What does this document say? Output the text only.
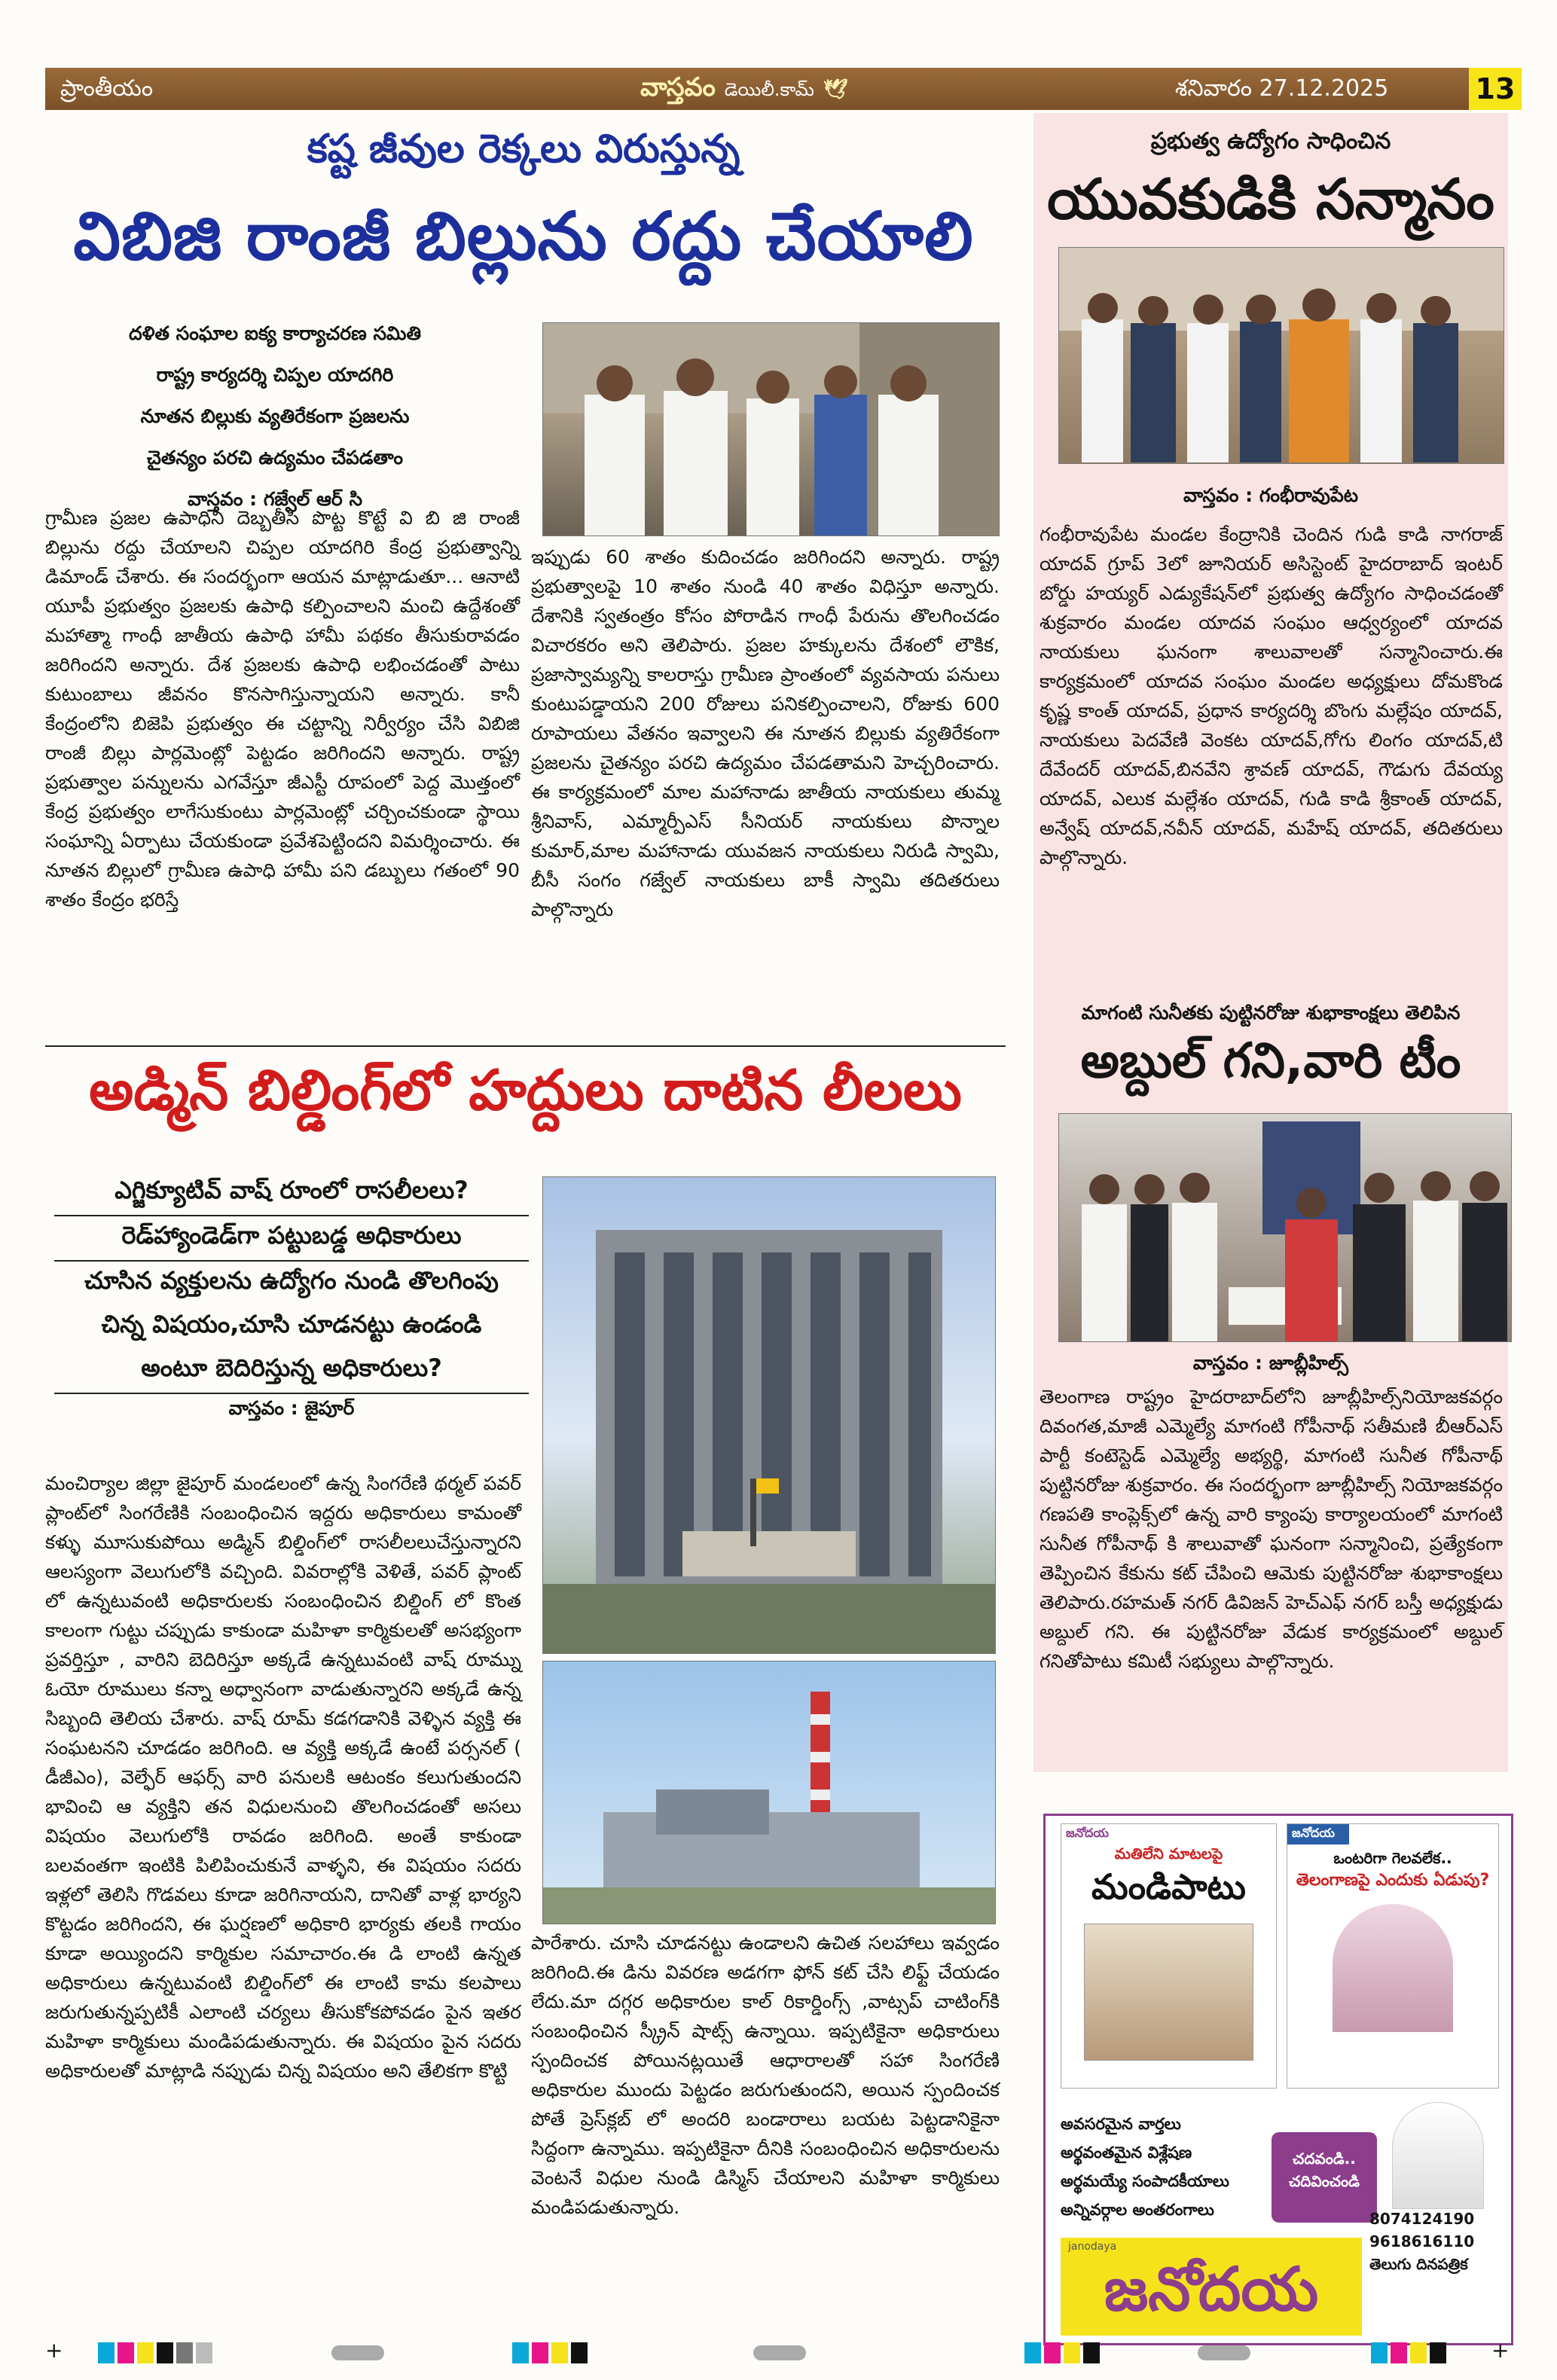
ప్రాంతీయం	వాస్తవం డెయిలీ.కామ్ 🕊	శనివారం 27.12.2025	13
కష్ట జీవుల రెక్కలు విరుస్తున్న
విబిజి రాంజీ బిల్లును రద్దు చేయాలి
దళిత సంఘాల ఐక్య కార్యాచరణ సమితి
రాష్ట్ర కార్యదర్శి చిప్పల యాదగిరి
నూతన బిల్లుకు వ్యతిరేకంగా ప్రజలను
చైతన్యం పరచి ఉద్యమం చేపడతాం
వాస్తవం : గజ్వేల్ ఆర్ సి
గ్రామీణ ప్రజల ఉపాధిని దెబ్బతీసి పొట్ట కొట్టే వి బి జి రాంజీ బిల్లును రద్దు చేయాలని చిప్పల యాదగిరి కేంద్ర ప్రభుత్వాన్ని డిమాండ్ చేశారు. ఈ సందర్భంగా ఆయన మాట్లాడుతూ... ఆనాటి యూపీ ప్రభుత్వం ప్రజలకు ఉపాధి కల్పించాలని మంచి ఉద్దేశంతో మహాత్మా గాంధీ జాతీయ ఉపాధి హామీ పథకం తీసుకురావడం జరిగిందని అన్నారు. దేశ ప్రజలకు ఉపాధి లభించడంతో పాటు కుటుంబాలు జీవనం కొనసాగిస్తున్నాయని అన్నారు. కానీ కేంద్రంలోని బిజెపి ప్రభుత్వం ఈ చట్టాన్ని నిర్వీర్యం చేసి విబిజి రాంజీ బిల్లు పార్లమెంట్లో పెట్టడం జరిగిందని అన్నారు. రాష్ట్ర ప్రభుత్వాల పన్నులను ఎగవేస్తూ జీఎస్టీ రూపంలో పెద్ద మొత్తంలో కేంద్ర ప్రభుత్వం లాగేసుకుంటు పార్లమెంట్లో చర్చించకుండా స్థాయి సంఘాన్ని ఏర్పాటు చేయకుండా ప్రవేశపెట్టిందని విమర్శించారు. ఈ నూతన బిల్లులో గ్రామీణ ఉపాధి హామీ పని డబ్బులు గతంలో 90 శాతం కేంద్రం భరిస్తే
ఇప్పుడు 60 శాతం కుదించడం జరిగిందని అన్నారు. రాష్ట్ర ప్రభుత్వాలపై 10 శాతం నుండి 40 శాతం విధిస్తూ అన్నారు. దేశానికి స్వతంత్రం కోసం పోరాడిన గాంధీ పేరును తొలగించడం విచారకరం అని తెలిపారు. ప్రజల హక్కులను దేశంలో లౌకిక, ప్రజాస్వామ్యన్ని కాలరాస్తు గ్రామీణ ప్రాంతంలో వ్యవసాయ పనులు కుంటుపడ్డాయని 200 రోజులు పనికల్పించాలని, రోజుకు 600 రూపాయలు వేతనం ఇవ్వాలని ఈ నూతన బిల్లుకు వ్యతిరేకంగా ప్రజలను చైతన్యం పరచి ఉద్యమం చేపడతామని హెచ్చరించారు. ఈ కార్యక్రమంలో మాల మహానాడు జాతీయ నాయకులు తుమ్మ శ్రీనివాస్, ఎమ్మార్పీఎస్ సీనియర్ నాయకులు పొన్నాల కుమార్,మాల మహానాడు యువజన నాయకులు నిరుడి స్వామి, బీసీ సంగం గజ్వేల్ నాయకులు బాకీ స్వామి తదితరులు పాల్గొన్నారు
అడ్మిన్ బిల్డింగ్‌లో హద్దులు దాటిన లీలలు
ఎగ్జిక్యూటివ్ వాష్ రూంలో రాసలీలలు?
రెడ్‌హ్యాండెడ్‌గా పట్టుబడ్డ అధికారులు
చూసిన వ్యక్తులను ఉద్యోగం నుండి తొలగింపు
చిన్న విషయం,చూసి చూడనట్టు ఉండండి
అంటూ బెదిరిస్తున్న అధికారులు?
వాస్తవం : జైపూర్
మంచిర్యాల జిల్లా జైపూర్ మండలంలో ఉన్న సింగరేణి థర్మల్ పవర్ ప్లాంట్‌లో సింగరేణికి సంబంధించిన ఇద్దరు అధికారులు కామంతో కళ్ళు మూసుకుపోయి అడ్మిన్ బిల్డింగ్‌లో రాసలీలలుచేస్తున్నారని ఆలస్యంగా వెలుగులోకి వచ్చింది. వివరాల్లోకి వెళితే, పవర్ ప్లాంట్ లో ఉన్నటువంటి అధికారులకు సంబంధించిన బిల్డింగ్ లో కొంత కాలంగా గుట్టు చప్పుడు కాకుండా మహిళా కార్మికులతో అసభ్యంగా ప్రవర్తిస్తూ , వారిని బెదిరిస్తూ అక్కడే ఉన్నటువంటి వాష్ రూమ్ను ఓయో రూములు కన్నా అధ్వానంగా వాడుతున్నారని అక్కడే ఉన్న సిబ్బంది తెలియ చేశారు. వాష్ రూమ్ కడగడానికి వెళ్ళిన వ్యక్తి ఈ సంఘటనని చూడడం జరిగింది. ఆ వ్యక్తి అక్కడే ఉంటే పర్సనల్ ( డీజీఎం), వెల్ఫేర్ ఆఫర్స్ వారి పనులకి ఆటంకం కలుగుతుందని భావించి ఆ వ్యక్తిని తన విధులనుంచి తొలగించడంతో అసలు విషయం వెలుగులోకి రావడం జరిగింది. అంతే కాకుండా బలవంతగా ఇంటికి పిలిపించుకునే వాళ్ళని, ఈ విషయం సదరు ఇళ్లలో తెలిసి గొడవలు కూడా జరిగినాయని, దానితో వాళ్ల భార్యని కొట్టడం జరిగిందని, ఈ ఘర్షణలో అధికారి భార్యకు తలకి గాయం కూడా అయ్యిందని కార్మికుల సమాచారం.ఈ డి లాంటి ఉన్నత అధికారులు ఉన్నటువంటి బిల్డింగ్‌లో ఈ లాంటి కామ కలపాలు జరుగుతున్నప్పటికీ ఎలాంటి చర్యలు తీసుకోకపోవడం పైన ఇతర మహిళా కార్మికులు మండిపడుతున్నారు. ఈ విషయం పైన సదరు అధికారులతో మాట్లాడి నప్పుడు చిన్న విషయం అని తేలికగా కొట్టి
పారేశారు. చూసి చూడనట్టు ఉండాలని ఉచిత సలహాలు ఇవ్వడం జరిగింది.ఈ డిను వివరణ అడగగా ఫోన్ కట్ చేసి లిఫ్ట్ చేయడం లేదు.మా దగ్గర అధికారుల కాల్ రికార్డింగ్స్ ,వాట్సప్ చాటింగ్‌కి సంబంధించిన స్క్రీన్ షాట్స్ ఉన్నాయి. ఇప్పటికైనా అధికారులు స్పందించక పోయినట్లయితే ఆధారాలతో సహా సింగరేణి అధికారుల ముందు పెట్టడం జరుగుతుందని, అయిన స్పందించక పోతే ప్రెస్‌క్లబ్ లో అందరి బండారాలు బయట పెట్టడానికైనా సిద్దంగా ఉన్నాము. ఇప్పటికైనా దీనికి సంబంధించిన అధికారులను వెంటనే విధుల నుండి డిస్మిస్ చేయాలని మహిళా కార్మికులు మండిపడుతున్నారు.
ప్రభుత్వ ఉద్యోగం సాధించిన
యువకుడికి సన్మానం
వాస్తవం : గంభీరావుపేట
గంభీరావుపేట మండల కేంద్రానికి చెందిన గుడి కాడి నాగరాజ్ యాదవ్ గ్రూప్ 3లో జూనియర్ అసిస్టెంట్ హైదరాబాద్ ఇంటర్ బోర్డు హయ్యర్ ఎడ్యుకేషన్‌లో ప్రభుత్వ ఉద్యోగం సాధించడంతో శుక్రవారం మండల యాదవ సంఘం ఆధ్వర్యంలో యాదవ నాయకులు ఘనంగా శాలువాలతో సన్మానించారు.ఈ కార్యక్రమంలో యాదవ సంఘం మండల అధ్యక్షులు దోమకొండ కృష్ణ కాంత్ యాదవ్, ప్రధాన కార్యదర్శి బొంగు మల్లేషం యాదవ్, నాయకులు పెదవేణి వెంకట యాదవ్,గోగు లింగం యాదవ్,టి దేవేందర్ యాదవ్,బినవేని శ్రావణ్ యాదవ్, గౌడుగు దేవయ్య యాదవ్, ఎలుక మల్లేశం యాదవ్, గుడి కాడి శ్రీకాంత్ యాదవ్, అన్వేష్ యాదవ్,నవీన్ యాదవ్, మహేష్ యాదవ్, తదితరులు పాల్గొన్నారు.
మాగంటి సునీతకు పుట్టినరోజు శుభాకాంక్షలు తెలిపిన
అబ్దుల్ గని,వారి టీం
వాస్తవం : జూబ్లీహిల్స్
తెలంగాణ రాష్ట్రం హైదరాబాద్‌లోని జూబ్లీహిల్స్‌నియోజకవర్గం దివంగత,మాజీ ఎమ్మెల్యే మాగంటి గోపీనాథ్ సతీమణి బీఆర్ఎస్ పార్టీ కంటెస్టెడ్ ఎమ్మెల్యే అభ్యర్థి, మాగంటి సునీత గోపీనాథ్ పుట్టినరోజు శుక్రవారం. ఈ సందర్భంగా జూబ్లీహిల్స్ నియోజకవర్గం గణపతి కాంప్లెక్స్‌లో ఉన్న వారి క్యాంపు కార్యాలయంలో మాగంటి సునీత గోపీనాథ్ కి శాలువాతో ఘనంగా సన్మానించి, ప్రత్యేకంగా తెప్పించిన కేకును కట్ చేపించి ఆమెకు పుట్టినరోజు శుభాకాంక్షలు తెలిపారు.రహమత్ నగర్ డివిజన్ హెచ్ఎఫ్ నగర్ బస్తీ అధ్యక్షుడు అబ్దుల్ గని. ఈ పుట్టినరోజు వేడుక కార్యక్రమంలో అబ్దుల్ గనితోపాటు కమిటీ సభ్యులు పాల్గొన్నారు.
జనోదయ
మతిలేని మాటలపై
మండిపాటు
జనోదయ
ఒంటరిగా గెలవలేక..
తెలంగాణపై ఎందుకు ఏడుపు?
అవసరమైన వార్తలు
అర్థవంతమైన విశ్లేషణ
అర్థమయ్యే సంపాదకీయాలు
అన్నివర్గాల అంతరంగాలు
చదవండి.. చదివించండి
8074124190
9618616110
తెలుగు దినపత్రిక
janodaya
జనోదయ
+	+
